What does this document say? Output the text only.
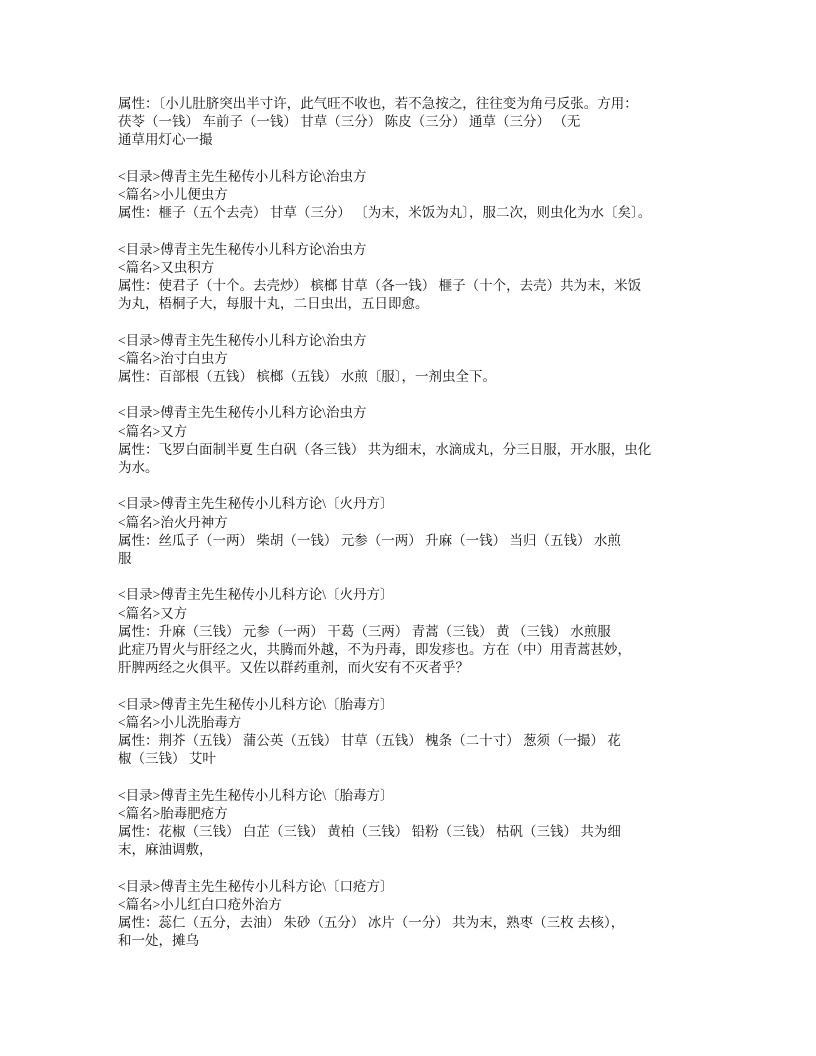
属性：〔小儿肚脐突出半寸许，此气旺不收也，若不急按之，往往变为角弓反张。方用：
茯苓（一钱） 车前子（一钱） 甘草（三分） 陈皮（三分） 通草（三分） （无
通草用灯心一撮
<目录>傅青主先生秘传小儿科方论\治虫方
<篇名>小儿便虫方
属性：榧子（五个去壳） 甘草（三分） 〔为末，米饭为丸〕，服二次，则虫化为水〔矣〕。
<目录>傅青主先生秘传小儿科方论\治虫方
<篇名>又虫积方
属性：使君子（十个。去壳炒） 槟榔 甘草（各一钱） 榧子（十个，去壳）共为末，米饭
为丸，梧桐子大，每服十丸，二日虫出，五日即愈。
<目录>傅青主先生秘传小儿科方论\治虫方
<篇名>治寸白虫方
属性：百部根（五钱） 槟榔（五钱） 水煎〔服〕，一剂虫全下。
<目录>傅青主先生秘传小儿科方论\治虫方
<篇名>又方
属性：飞罗白面制半夏 生白矾（各三钱） 共为细末，水滴成丸，分三日服，开水服，虫化
为水。
<目录>傅青主先生秘传小儿科方论\〔火丹方〕
<篇名>治火丹神方
属性：丝瓜子（一两） 柴胡（一钱） 元参（一两） 升麻（一钱） 当归（五钱） 水煎
服
<目录>傅青主先生秘传小儿科方论\〔火丹方〕
<篇名>又方
属性：升麻（三钱） 元参（一两） 干葛（三两） 青蒿（三钱） 黄 （三钱） 水煎服
此症乃胃火与肝经之火，共腾而外越，不为丹毒，即发疹也。方在（中）用青蒿甚妙，
肝脾两经之火俱平。又佐以群药重剂，而火安有不灭者乎？
<目录>傅青主先生秘传小儿科方论\〔胎毒方〕
<篇名>小儿洗胎毒方
属性：荆芥（五钱） 蒲公英（五钱） 甘草（五钱） 槐条（二十寸） 葱须（一撮） 花
椒（三钱） 艾叶
<目录>傅青主先生秘传小儿科方论\〔胎毒方〕
<篇名>胎毒肥疮方
属性：花椒（三钱） 白芷（三钱） 黄柏（三钱） 铅粉（三钱） 枯矾（三钱） 共为细
末，麻油调敷，
<目录>傅青主先生秘传小儿科方论\〔口疮方〕
<篇名>小儿红白口疮外治方
属性：蕊仁（五分，去油） 朱砂（五分） 冰片（一分） 共为末，熟枣（三枚 去核），
和一处，摊乌
